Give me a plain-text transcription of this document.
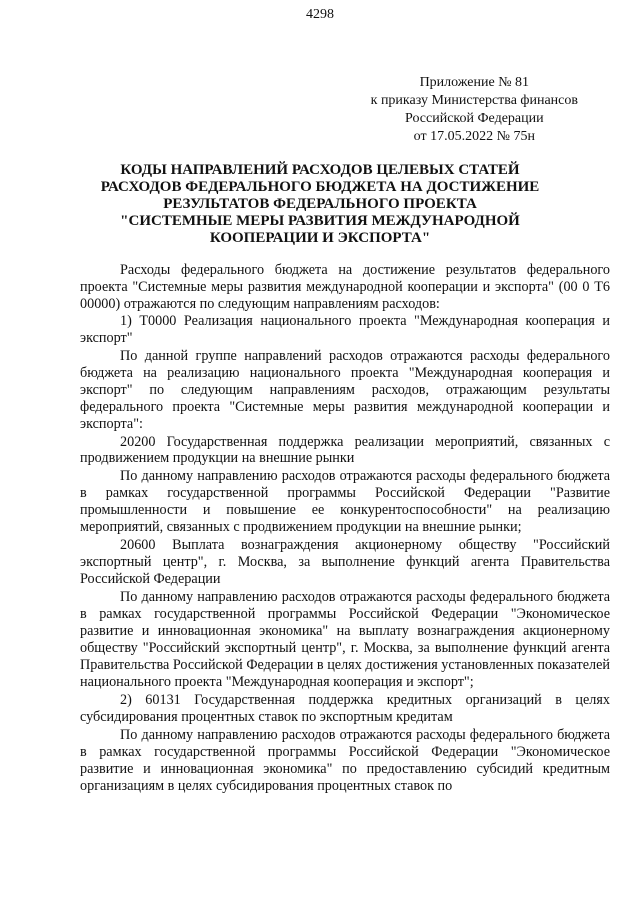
4298
Приложение № 81
к приказу Министерства финансов
Российской Федерации
от 17.05.2022 № 75н
КОДЫ НАПРАВЛЕНИЙ РАСХОДОВ ЦЕЛЕВЫХ СТАТЕЙ
РАСХОДОВ ФЕДЕРАЛЬНОГО БЮДЖЕТА НА ДОСТИЖЕНИЕ
РЕЗУЛЬТАТОВ ФЕДЕРАЛЬНОГО ПРОЕКТА
"СИСТЕМНЫЕ МЕРЫ РАЗВИТИЯ МЕЖДУНАРОДНОЙ
КООПЕРАЦИИ И ЭКСПОРТА"

Расходы федерального бюджета на достижение результатов федерального проекта "Системные меры развития международной кооперации и экспорта" (00 0 Т6 00000) отражаются по следующим направлениям расходов:

1) Т0000 Реализация национального проекта "Международная кооперация и экспорт"

По данной группе направлений расходов отражаются расходы федерального бюджета на реализацию национального проекта "Международная кооперация и экспорт" по следующим направлениям расходов, отражающим результаты федерального проекта "Системные меры развития международной кооперации и экспорта":

20200 Государственная поддержка реализации мероприятий, связанных с продвижением продукции на внешние рынки

По данному направлению расходов отражаются расходы федерального бюджета в рамках государственной программы Российской Федерации "Развитие промышленности и повышение ее конкурентоспособности" на реализацию мероприятий, связанных с продвижением продукции на внешние рынки;

20600 Выплата вознаграждения акционерному обществу "Российский экспортный центр", г. Москва, за выполнение функций агента Правительства Российской Федерации

По данному направлению расходов отражаются расходы федерального бюджета в рамках государственной программы Российской Федерации "Экономическое развитие и инновационная экономика" на выплату вознаграждения акционерному обществу "Российский экспортный центр", г. Москва, за выполнение функций агента Правительства Российской Федерации в целях достижения установленных показателей национального проекта "Международная кооперация и экспорт";

2) 60131 Государственная поддержка кредитных организаций в целях субсидирования процентных ставок по экспортным кредитам

По данному направлению расходов отражаются расходы федерального бюджета в рамках государственной программы Российской Федерации "Экономическое развитие и инновационная экономика" по предоставлению субсидий кредитным организациям в целях субсидирования процентных ставок по
